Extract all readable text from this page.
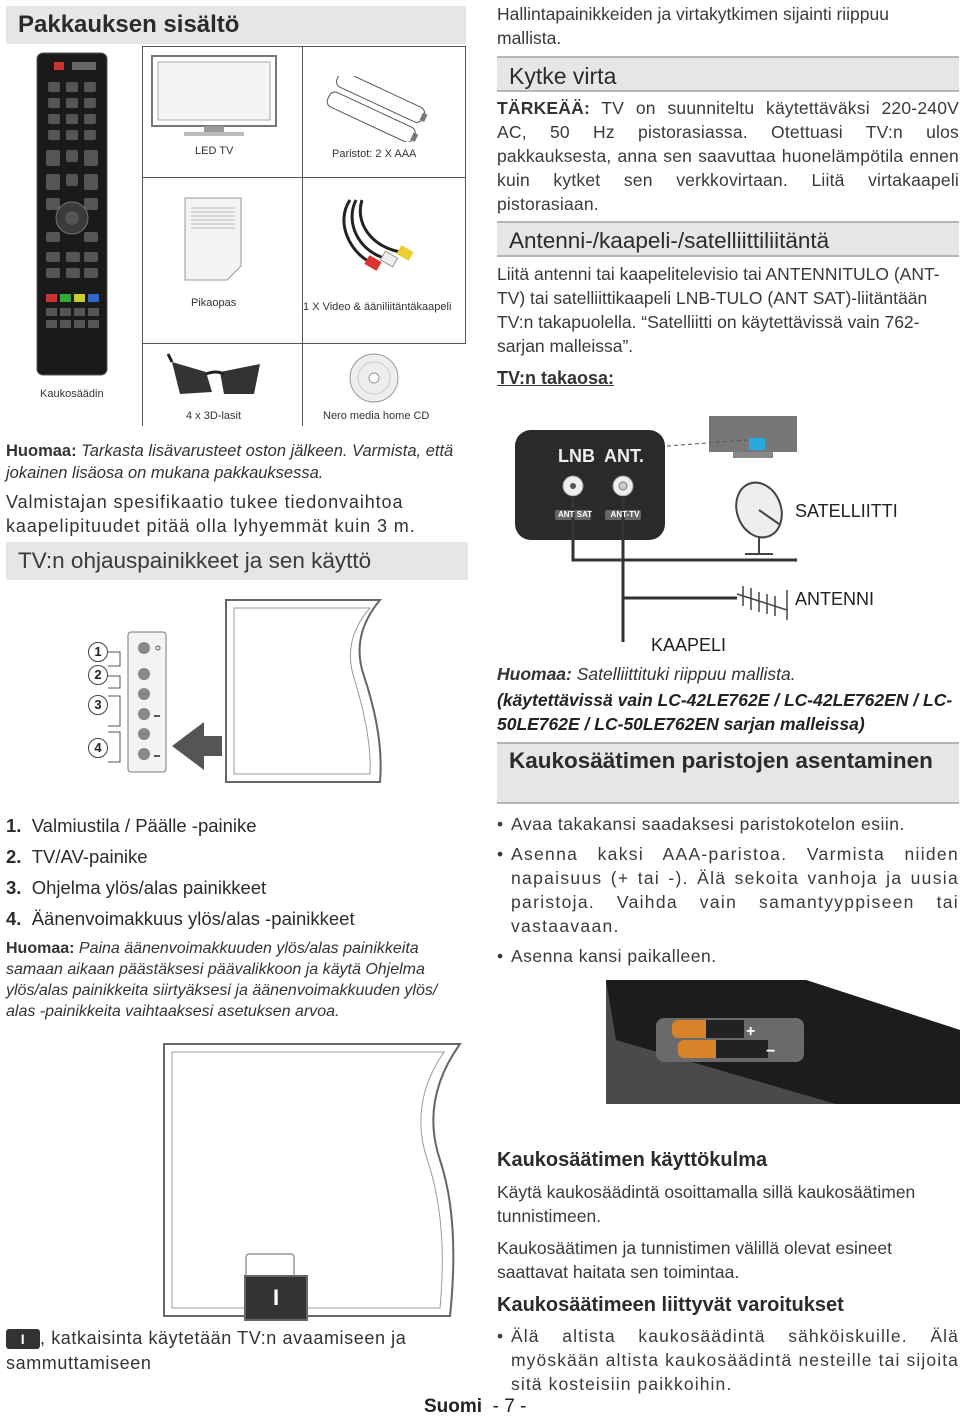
Pakkauksen sisältö
Kaukosäädin
LED TV	Paristot: 2 X AAA
Pikaopas	1 X Video & ääniliitäntäkaapeli
4 x 3D-lasit	Nero media home CD
Huomaa: Tarkasta lisävarusteet oston jälkeen. Varmista, että jokainen lisäosa on mukana pakkauksessa.
Valmistajan spesifikaatio tukee tiedonvaihtoa kaapelipituudet pitää olla lyhyemmät kuin 3 m.
TV:n ohjauspainikkeet ja sen käyttö
1
2
3
4
1. Valmiustila / Päälle -painike
2. TV/AV-painike
3. Ohjelma ylös/alas painikkeet
4. Äänenvoimakkuus ylös/alas -painikkeet
Huomaa: Paina äänenvoimakkuuden ylös/alas painikkeita samaan aikaan päästäksesi päävalikkoon ja käytä Ohjelma ylös/alas painikkeita siirtyäksesi ja äänenvoimakkuuden ylös/ alas -painikkeita vaihtaaksesi asetuksen arvoa.
I
I , katkaisinta käytetään TV:n avaamiseen ja sammuttamiseen
Hallintapainikkeiden ja virtakytkimen sijainti riippuu mallista.
Kytke virta
TÄRKEÄÄ: TV on suunniteltu käytettäväksi 220-240V AC, 50 Hz pistorasiassa. Otettuasi TV:n ulos pakkauksesta, anna sen saavuttaa huonelämpötila ennen kuin kytket sen verkkovirtaan. Liitä virtakaapeli pistorasiaan.
Antenni-/kaapeli-/satelliittiliitäntä
Liitä antenni tai kaapelitelevisio tai ANTENNITULO (ANT-TV) tai satelliittikaapeli LNB-TULO (ANT SAT)-liitäntään TV:n takapuolella. “Satelliitti on käytettävissä vain 762-sarjan malleissa”.
TV:n takaosa:
LNB ANT.
ANT SAT	ANT-TV	SATELLIITTI
ANTENNI
KAAPELI
Huomaa: Satelliittituki riippuu mallista.
(käytettävissä vain LC-42LE762E / LC-42LE762EN / LC-50LE762E / LC-50LE762EN sarjan malleissa)
Kaukosäätimen paristojen asentaminen
• Avaa takakansi saadaksesi paristokotelon esiin.
• Asenna kaksi AAA-paristoa. Varmista niiden napaisuus (+ tai -). Älä sekoita vanhoja ja uusia paristoja. Vaihda vain samantyyppiseen tai vastaavaan.
• Asenna kansi paikalleen.
+
−
Kaukosäätimen käyttökulma
Käytä kaukosäädintä osoittamalla sillä kaukosäätimen tunnistimeen.
Kaukosäätimen ja tunnistimen välillä olevat esineet saattavat haitata sen toimintaa.
Kaukosäätimeen liittyvät varoitukset
• Älä altista kaukosäädintä sähköiskuille. Älä myöskään altista kaukosäädintä nesteille tai sijoita sitä kosteisiin paikkoihin.
Suomi - 7 -
